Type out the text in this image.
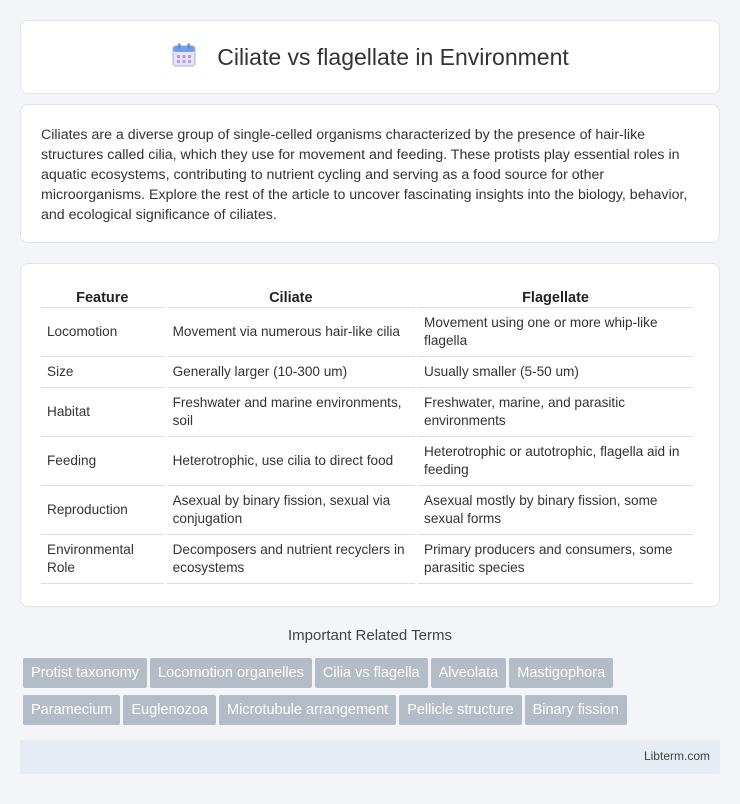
Ciliate vs flagellate in Environment

Ciliates are a diverse group of single-celled organisms characterized by the presence of hair-like structures called cilia, which they use for movement and feeding. These protists play essential roles in aquatic ecosystems, contributing to nutrient cycling and serving as a food source for other microorganisms. Explore the rest of the article to uncover fascinating insights into the biology, behavior, and ecological significance of ciliates.

Feature	Ciliate	Flagellate
Locomotion	Movement via numerous hair-like cilia	Movement using one or more whip-like flagella
Size	Generally larger (10-300 um)	Usually smaller (5-50 um)
Habitat	Freshwater and marine environments, soil	Freshwater, marine, and parasitic environments
Feeding	Heterotrophic, use cilia to direct food	Heterotrophic or autotrophic, flagella aid in feeding
Reproduction	Asexual by binary fission, sexual via conjugation	Asexual mostly by binary fission, some sexual forms
Environmental Role	Decomposers and nutrient recyclers in ecosystems	Primary producers and consumers, some parasitic species
Important Related Terms
Protist taxonomy Locomotion organelles Cilia vs flagella Alveolata Mastigophora
Paramecium Euglenozoa Microtubule arrangement Pellicle structure Binary fission
Libterm.com
